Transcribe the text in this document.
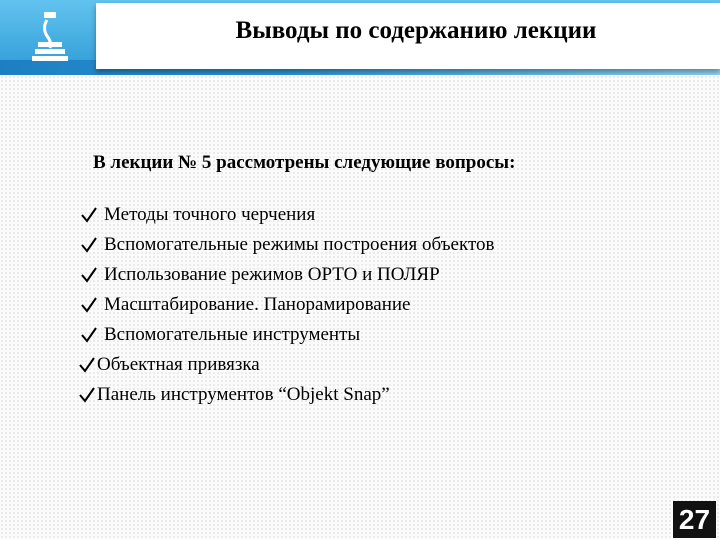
Выводы по содержанию лекции
В лекции № 5 рассмотрены следующие вопросы:
Методы точного черчения
Вспомогательные режимы построения объектов
Использование режимов ОРТО и ПОЛЯР
Масштабирование. Панорамирование
Вспомогательные инструменты
Объектная привязка
Панель инструментов “Objekt Snap”
27
